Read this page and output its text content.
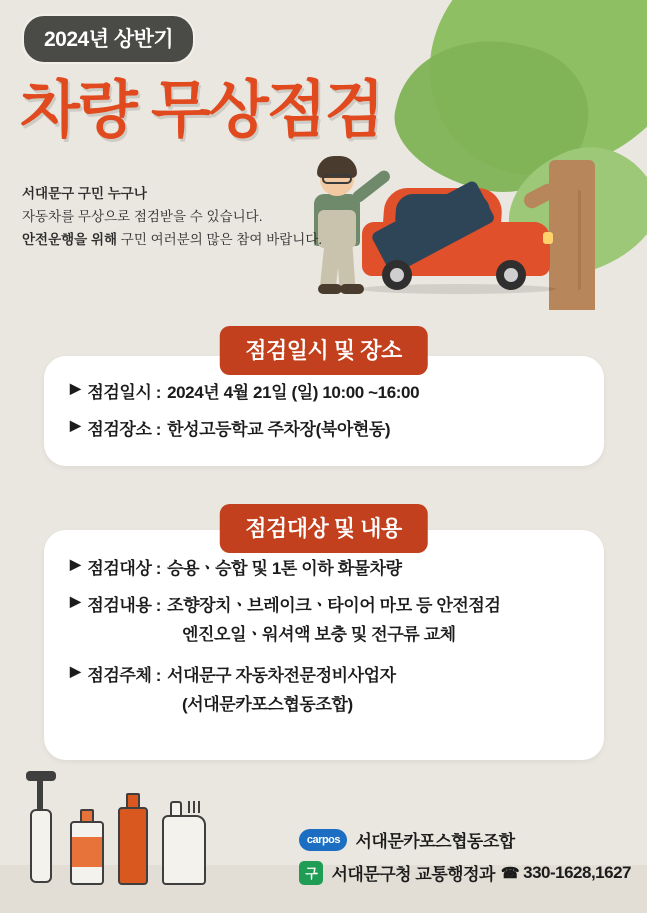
2024년 상반기
차량 무상점검
서대문구 구민 누구나
자동차를 무상으로 점검받을 수 있습니다.
안전운행을 위해 구민 여러분의 많은 참여 바랍니다.
점검일시 및 장소
▶ 점검일시 : 2024년 4월 21일 (일) 10:00 ~16:00
▶ 점검장소 : 한성고등학교 주차장(북아현동)
점검대상 및 내용
▶ 점검대상 : 승용ㆍ승합 및 1톤 이하 화물차량
▶ 점검내용 : 조향장치ㆍ브레이크ㆍ타이어 마모 등 안전점검
엔진오일ㆍ워셔액 보충 및 전구류 교체
▶ 점검주체 : 서대문구 자동차전문정비사업자
(서대문카포스협동조합)
carpos 서대문카포스협동조합
구 서대문구청 교통행정과 ☎ 330-1628,1627
